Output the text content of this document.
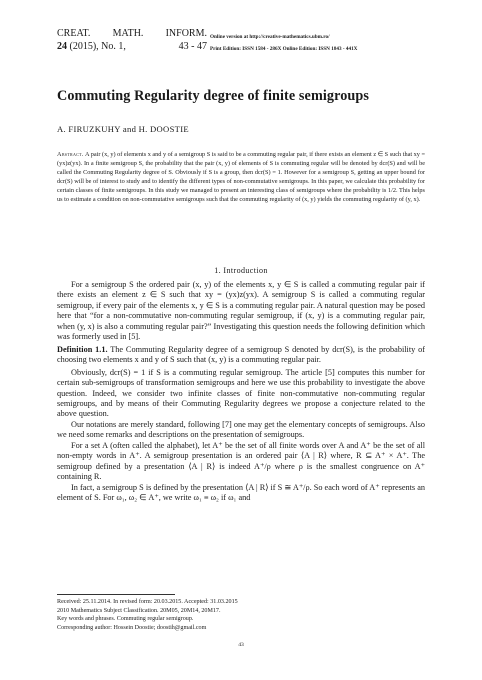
CREAT. MATH. INFORM.
24 (2015), No. 1,	43 - 47
Online version at http://creative-mathematics.ubm.ro/
Print Edition: ISSN 1584 - 286X Online Edition: ISSN 1843 - 441X
Commuting Regularity degree of finite semigroups
A. FIRUZKUHY and H. DOOSTIE
Abstract. A pair (x, y) of elements x and y of a semigroup S is said to be a commuting regular pair, if there exists an element z ∈ S such that xy = (yx)z(yx). In a finite semigroup S, the probability that the pair (x, y) of elements of S is commuting regular will be denoted by dcr(S) and will be called the Commuting Regularity degree of S. Obviously if S is a group, then dcr(S) = 1. However for a semigroup S, getting an upper bound for dcr(S) will be of interest to study and to identify the different types of non-commutative semigroups. In this paper, we calculate this probability for certain classes of finite semigroups. In this study we managed to present an interesting class of semigroups where the probability is 1/2. This helps us to estimate a condition on non-commutative semigroups such that the commuting regularity of (x, y) yields the commuting regularity of (y, x).
1. Introduction

For a semigroup S the ordered pair (x, y) of the elements x, y ∈ S is called a commuting regular pair if there exists an element z ∈ S such that xy = (yx)z(yx). A semigroup S is called a commuting regular semigroup, if every pair of the elements x, y ∈ S is a commuting regular pair. A natural question may be posed here that “for a non-commutative non-commuting regular semigroup, if (x, y) is a commuting regular pair, when (y, x) is also a commuting regular pair?” Investigating this question needs the following definition which was formerly used in [5].

Definition 1.1. The Commuting Regularity degree of a semigroup S denoted by dcr(S), is the probability of choosing two elements x and y of S such that (x, y) is a commuting regular pair.

Obviously, dcr(S) = 1 if S is a commuting regular semigroup. The article [5] computes this number for certain sub-semigroups of transformation semigroups and here we use this probability to investigate the above question. Indeed, we consider two infinite classes of finite non-commutative non-commuting regular semigroups, and by means of their Commuting Regularity degrees we propose a conjecture related to the above question.

Our notations are merely standard, following [7] one may get the elementary concepts of semigroups. Also we need some remarks and descriptions on the presentation of semigroups.

For a set A (often called the alphabet), let A⁺ be the set of all finite words over A and A⁺ be the set of all non-empty words in A⁺. A semigroup presentation is an ordered pair ⟨A | R⟩ where, R ⊆ A⁺ × A⁺. The semigroup defined by a presentation ⟨A | R⟩ is indeed A⁺/ρ where ρ is the smallest congruence on A⁺ containing R.

In fact, a semigroup S is defined by the presentation ⟨A | R⟩ if S ≅ A⁺/ρ. So each word of A⁺ represents an element of S. For ω₁, ω₂ ∈ A⁺, we write ω₁ ≡ ω₂ if ω₁ and

Received: 25.11.2014. In revised form: 20.03.2015. Accepted: 31.03.2015
2010 Mathematics Subject Classification. 20M05, 20M14, 20M17.
Key words and phrases. Commuting regular semigroup.
Corresponding author: Hossein Doostie; doostih@gmail.com
43
